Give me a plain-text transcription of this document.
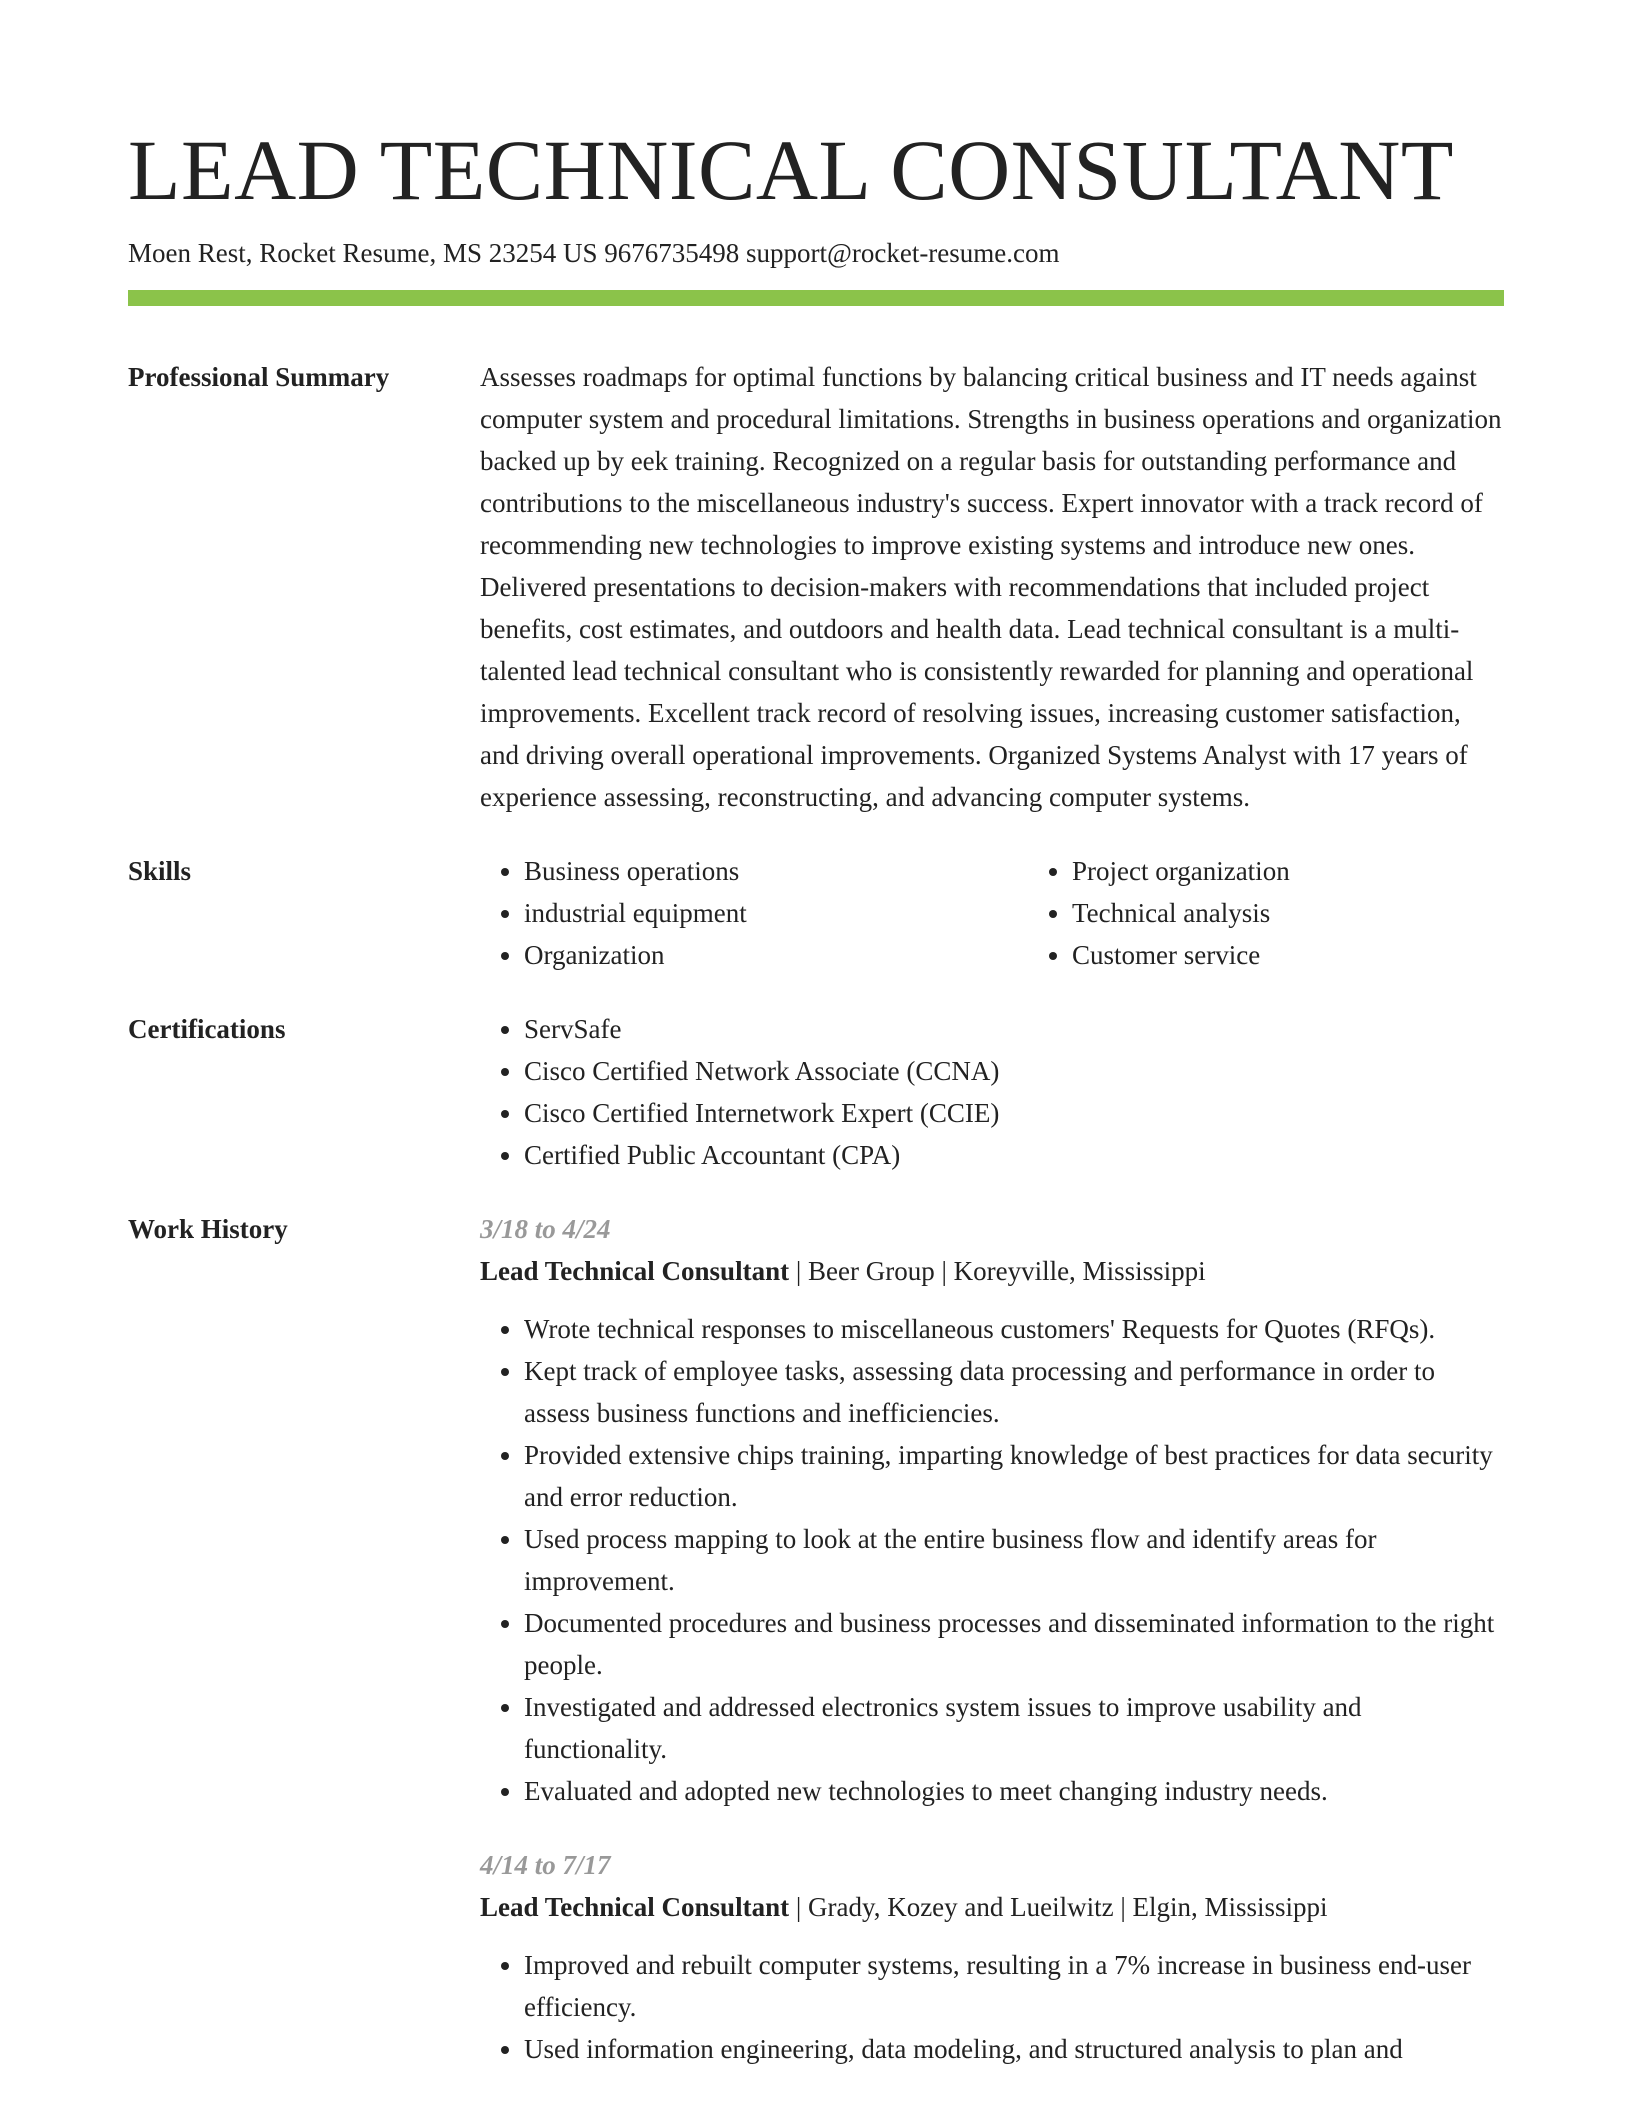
LEAD TECHNICAL CONSULTANT
Moen Rest, Rocket Resume, MS 23254 US 9676735498 support@rocket-resume.com
Professional Summary	Assesses roadmaps for optimal functions by balancing critical business and IT needs against computer system and procedural limitations. Strengths in business operations and organization backed up by eek training. Recognized on a regular basis for outstanding performance and contributions to the miscellaneous industry's success. Expert innovator with a track record of recommending new technologies to improve existing systems and introduce new ones. Delivered presentations to decision-makers with recommendations that included project benefits, cost estimates, and outdoors and health data. Lead technical consultant is a multi-talented lead technical consultant who is consistently rewarded for planning and operational improvements. Excellent track record of resolving issues, increasing customer satisfaction, and driving overall operational improvements. Organized Systems Analyst with 17 years of experience assessing, reconstructing, and advancing computer systems.

Skills	• Business operations
• industrial equipment
• Organization
• Project organization
• Technical analysis
• Customer service
Certifications	• ServSafe
• Cisco Certified Network Associate (CCNA)
• Cisco Certified Internetwork Expert (CCIE)
• Certified Public Accountant (CPA)
Work History	3/18 to 4/24
Lead Technical Consultant | Beer Group | Koreyville, Mississippi
• Wrote technical responses to miscellaneous customers' Requests for Quotes (RFQs).
• Kept track of employee tasks, assessing data processing and performance in order to assess business functions and inefficiencies.
• Provided extensive chips training, imparting knowledge of best practices for data security and error reduction.
• Used process mapping to look at the entire business flow and identify areas for improvement.
• Documented procedures and business processes and disseminated information to the right people.
• Investigated and addressed electronics system issues to improve usability and functionality.
• Evaluated and adopted new technologies to meet changing industry needs.
4/14 to 7/17
Lead Technical Consultant | Grady, Kozey and Lueilwitz | Elgin, Mississippi
• Improved and rebuilt computer systems, resulting in a 7% increase in business end-user efficiency.
• Used information engineering, data modeling, and structured analysis to plan and
